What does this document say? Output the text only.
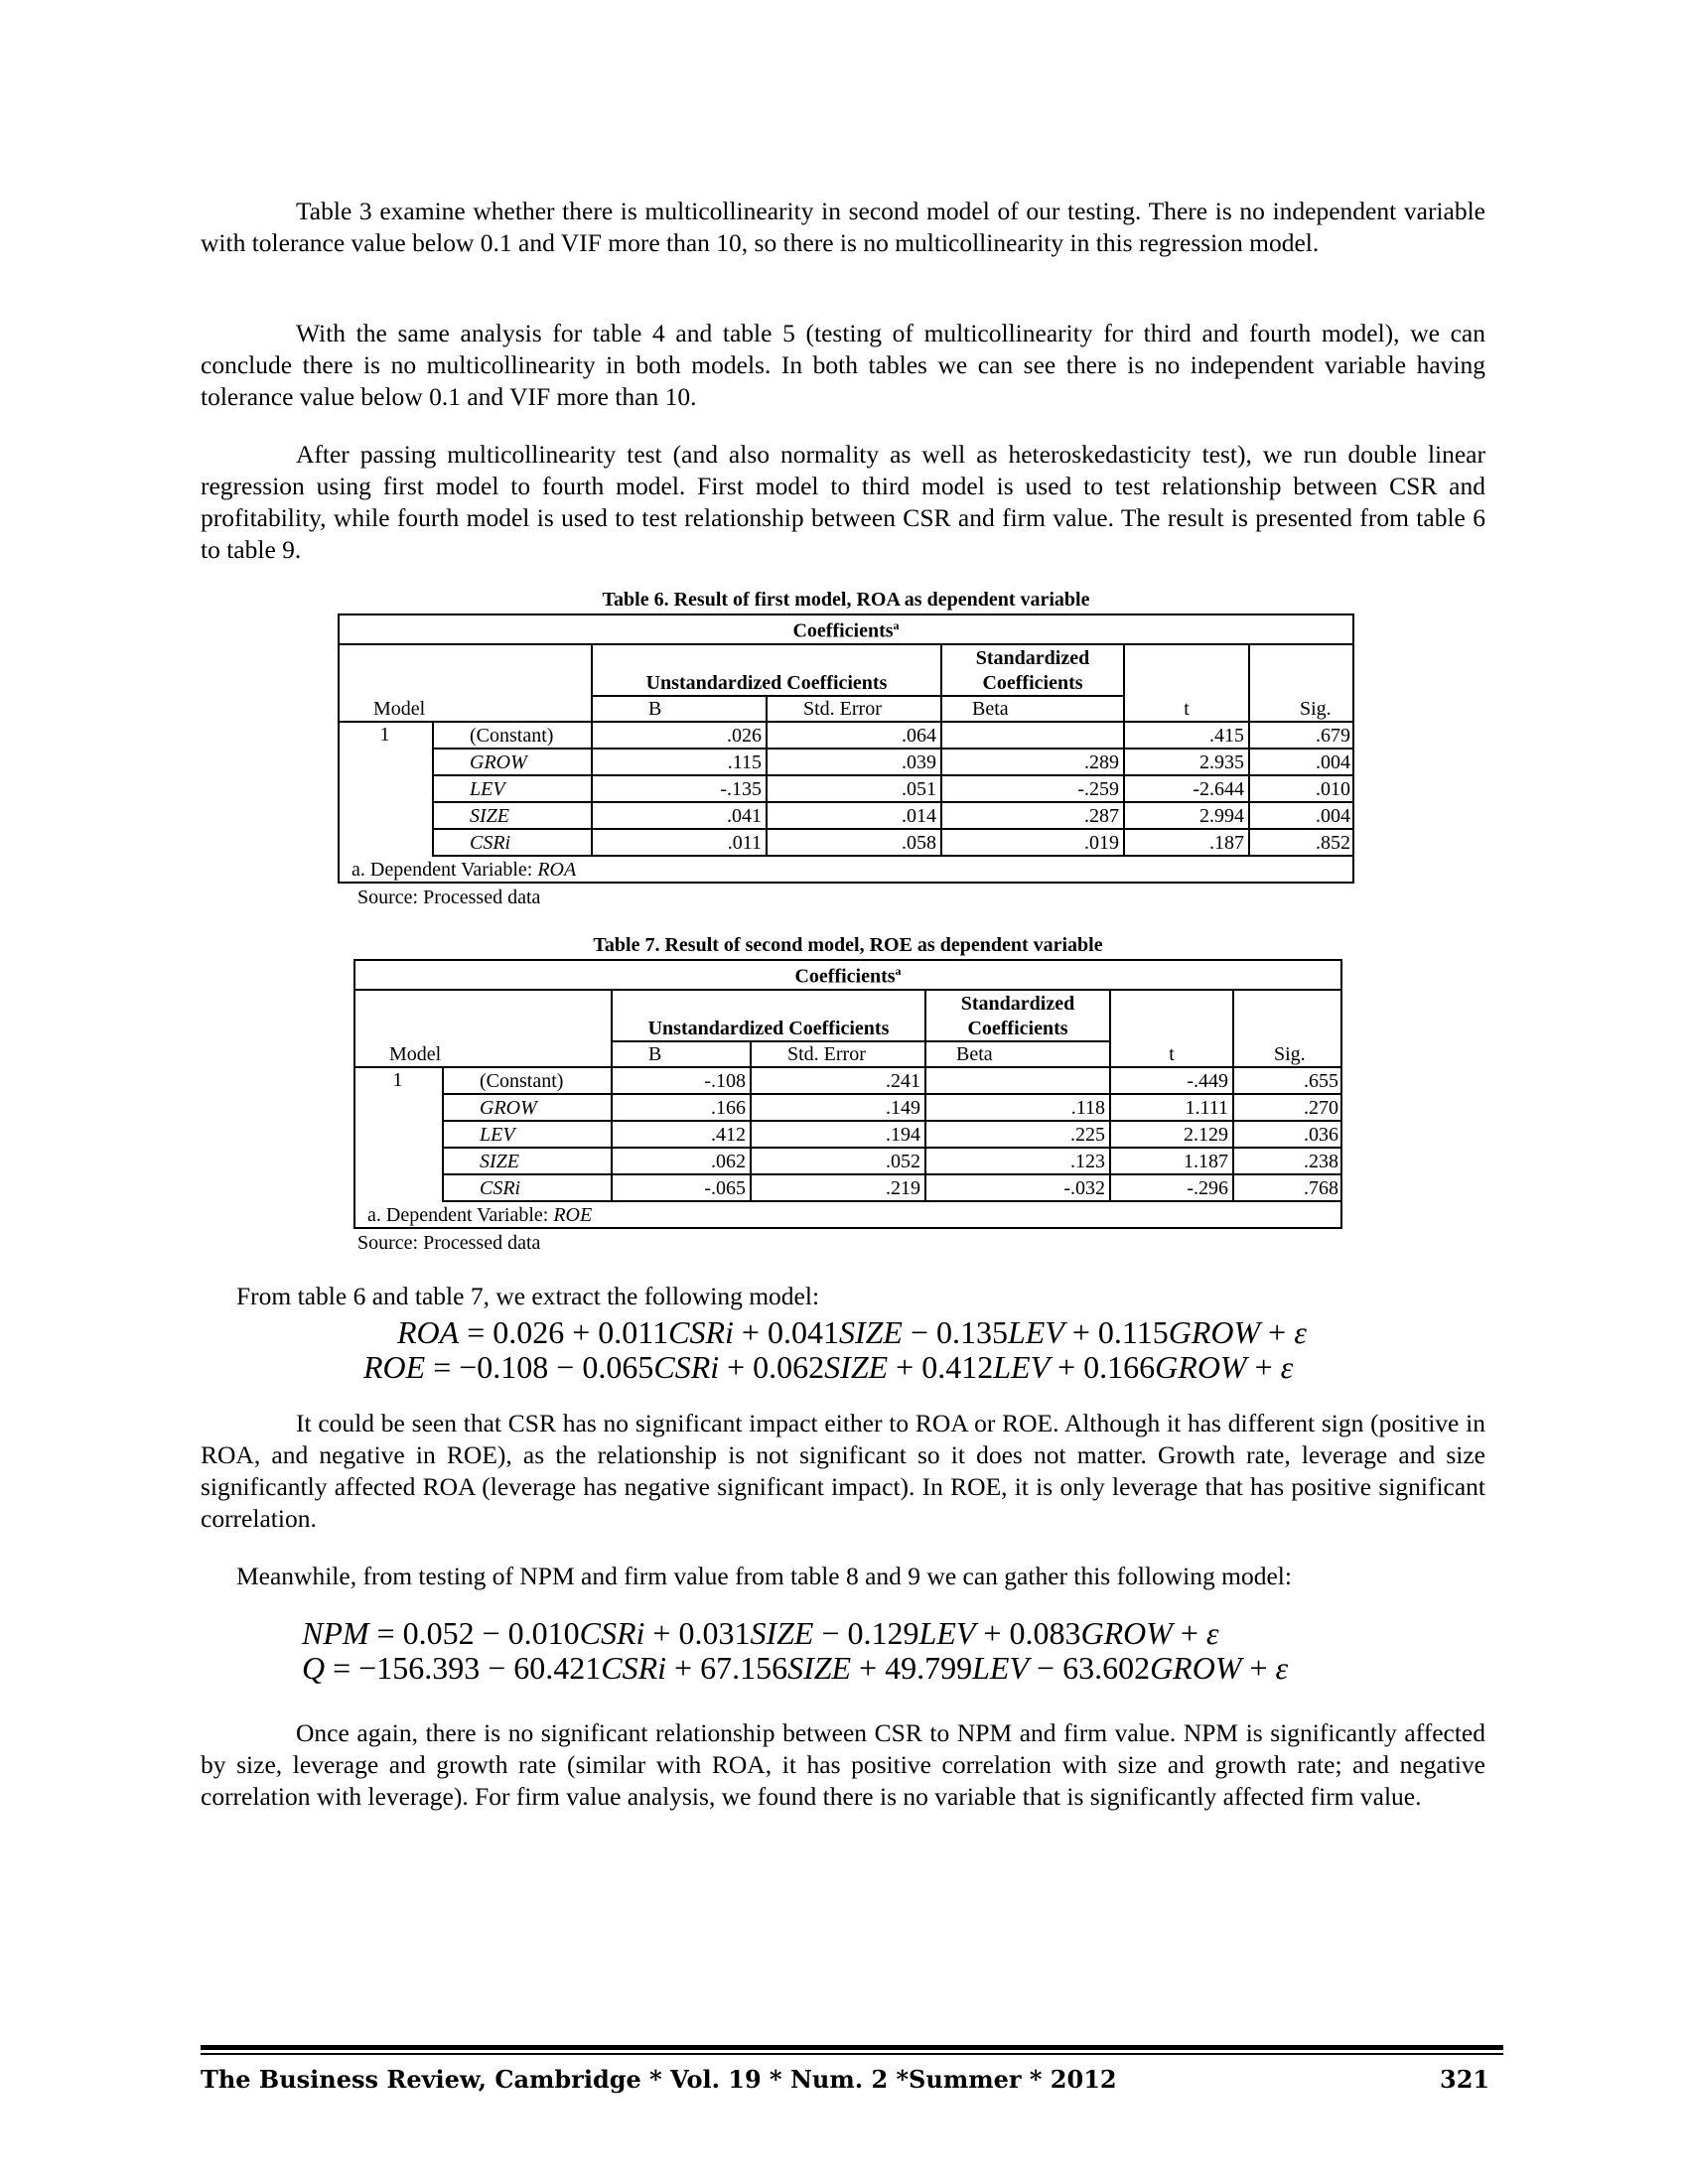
Table 3 examine whether there is multicollinearity in second model of our testing. There is no independent variable with tolerance value below 0.1 and VIF more than 10, so there is no multicollinearity in this regression model.

With the same analysis for table 4 and table 5 (testing of multicollinearity for third and fourth model), we can conclude there is no multicollinearity in both models. In both tables we can see there is no independent variable having tolerance value below 0.1 and VIF more than 10.

After passing multicollinearity test (and also normality as well as heteroskedasticity test), we run double linear regression using first model to fourth model. First model to third model is used to test relationship between CSR and profitability, while fourth model is used to test relationship between CSR and firm value. The result is presented from table 6 to table 9.

Table 6. Result of first model, ROA as dependent variable
Coefficients$^a$
		Unstandardized Coefficients		Standardized		
				Coefficients		
Model		B	Std. Error	Beta	t	Sig.
1	(Constant)	.026	.064		.415	.679
	GROW	.115	.039	.289	2.935	.004
	LEV	-.135	.051	-.259	-2.644	.010
	SIZE	.041	.014	.287	2.994	.004
	CSRi	.011	.058	.019	.187	.852
a. Dependent Variable: ROA						
Source: Processed data
Table 7. Result of second model, ROE as dependent variable
Coefficients$^a$
		Unstandardized Coefficients		Standardized		
				Coefficients		
Model		B	Std. Error	Beta	t	Sig.
1	(Constant)	-.108	.241		-.449	.655
	GROW	.166	.149	.118	1.111	.270
	LEV	.412	.194	.225	2.129	.036
	SIZE	.062	.052	.123	1.187	.238
	CSRi	-.065	.219	-.032	-.296	.768
a. Dependent Variable: ROE						
Source: Processed data

From table 6 and table 7, we extract the following model:

ROA = 0.026 + 0.011CSRi + 0.041SIZE − 0.135LEV + 0.115GROW + ε
ROE = −0.108 − 0.065CSRi + 0.062SIZE + 0.412LEV + 0.166GROW + ε

It could be seen that CSR has no significant impact either to ROA or ROE. Although it has different sign (positive in ROA, and negative in ROE), as the relationship is not significant so it does not matter. Growth rate, leverage and size significantly affected ROA (leverage has negative significant impact). In ROE, it is only leverage that has positive significant correlation.

Meanwhile, from testing of NPM and firm value from table 8 and 9 we can gather this following model:

NPM = 0.052 − 0.010CSRi + 0.031SIZE − 0.129LEV + 0.083GROW + ε
Q = −156.393 − 60.421CSRi + 67.156SIZE + 49.799LEV − 63.602GROW + ε

Once again, there is no significant relationship between CSR to NPM and firm value. NPM is significantly affected by size, leverage and growth rate (similar with ROA, it has positive correlation with size and growth rate; and negative correlation with leverage). For firm value analysis, we found there is no variable that is significantly affected firm value.

The Business Review, Cambridge * Vol. 19 * Num. 2 *Summer * 2012	321
